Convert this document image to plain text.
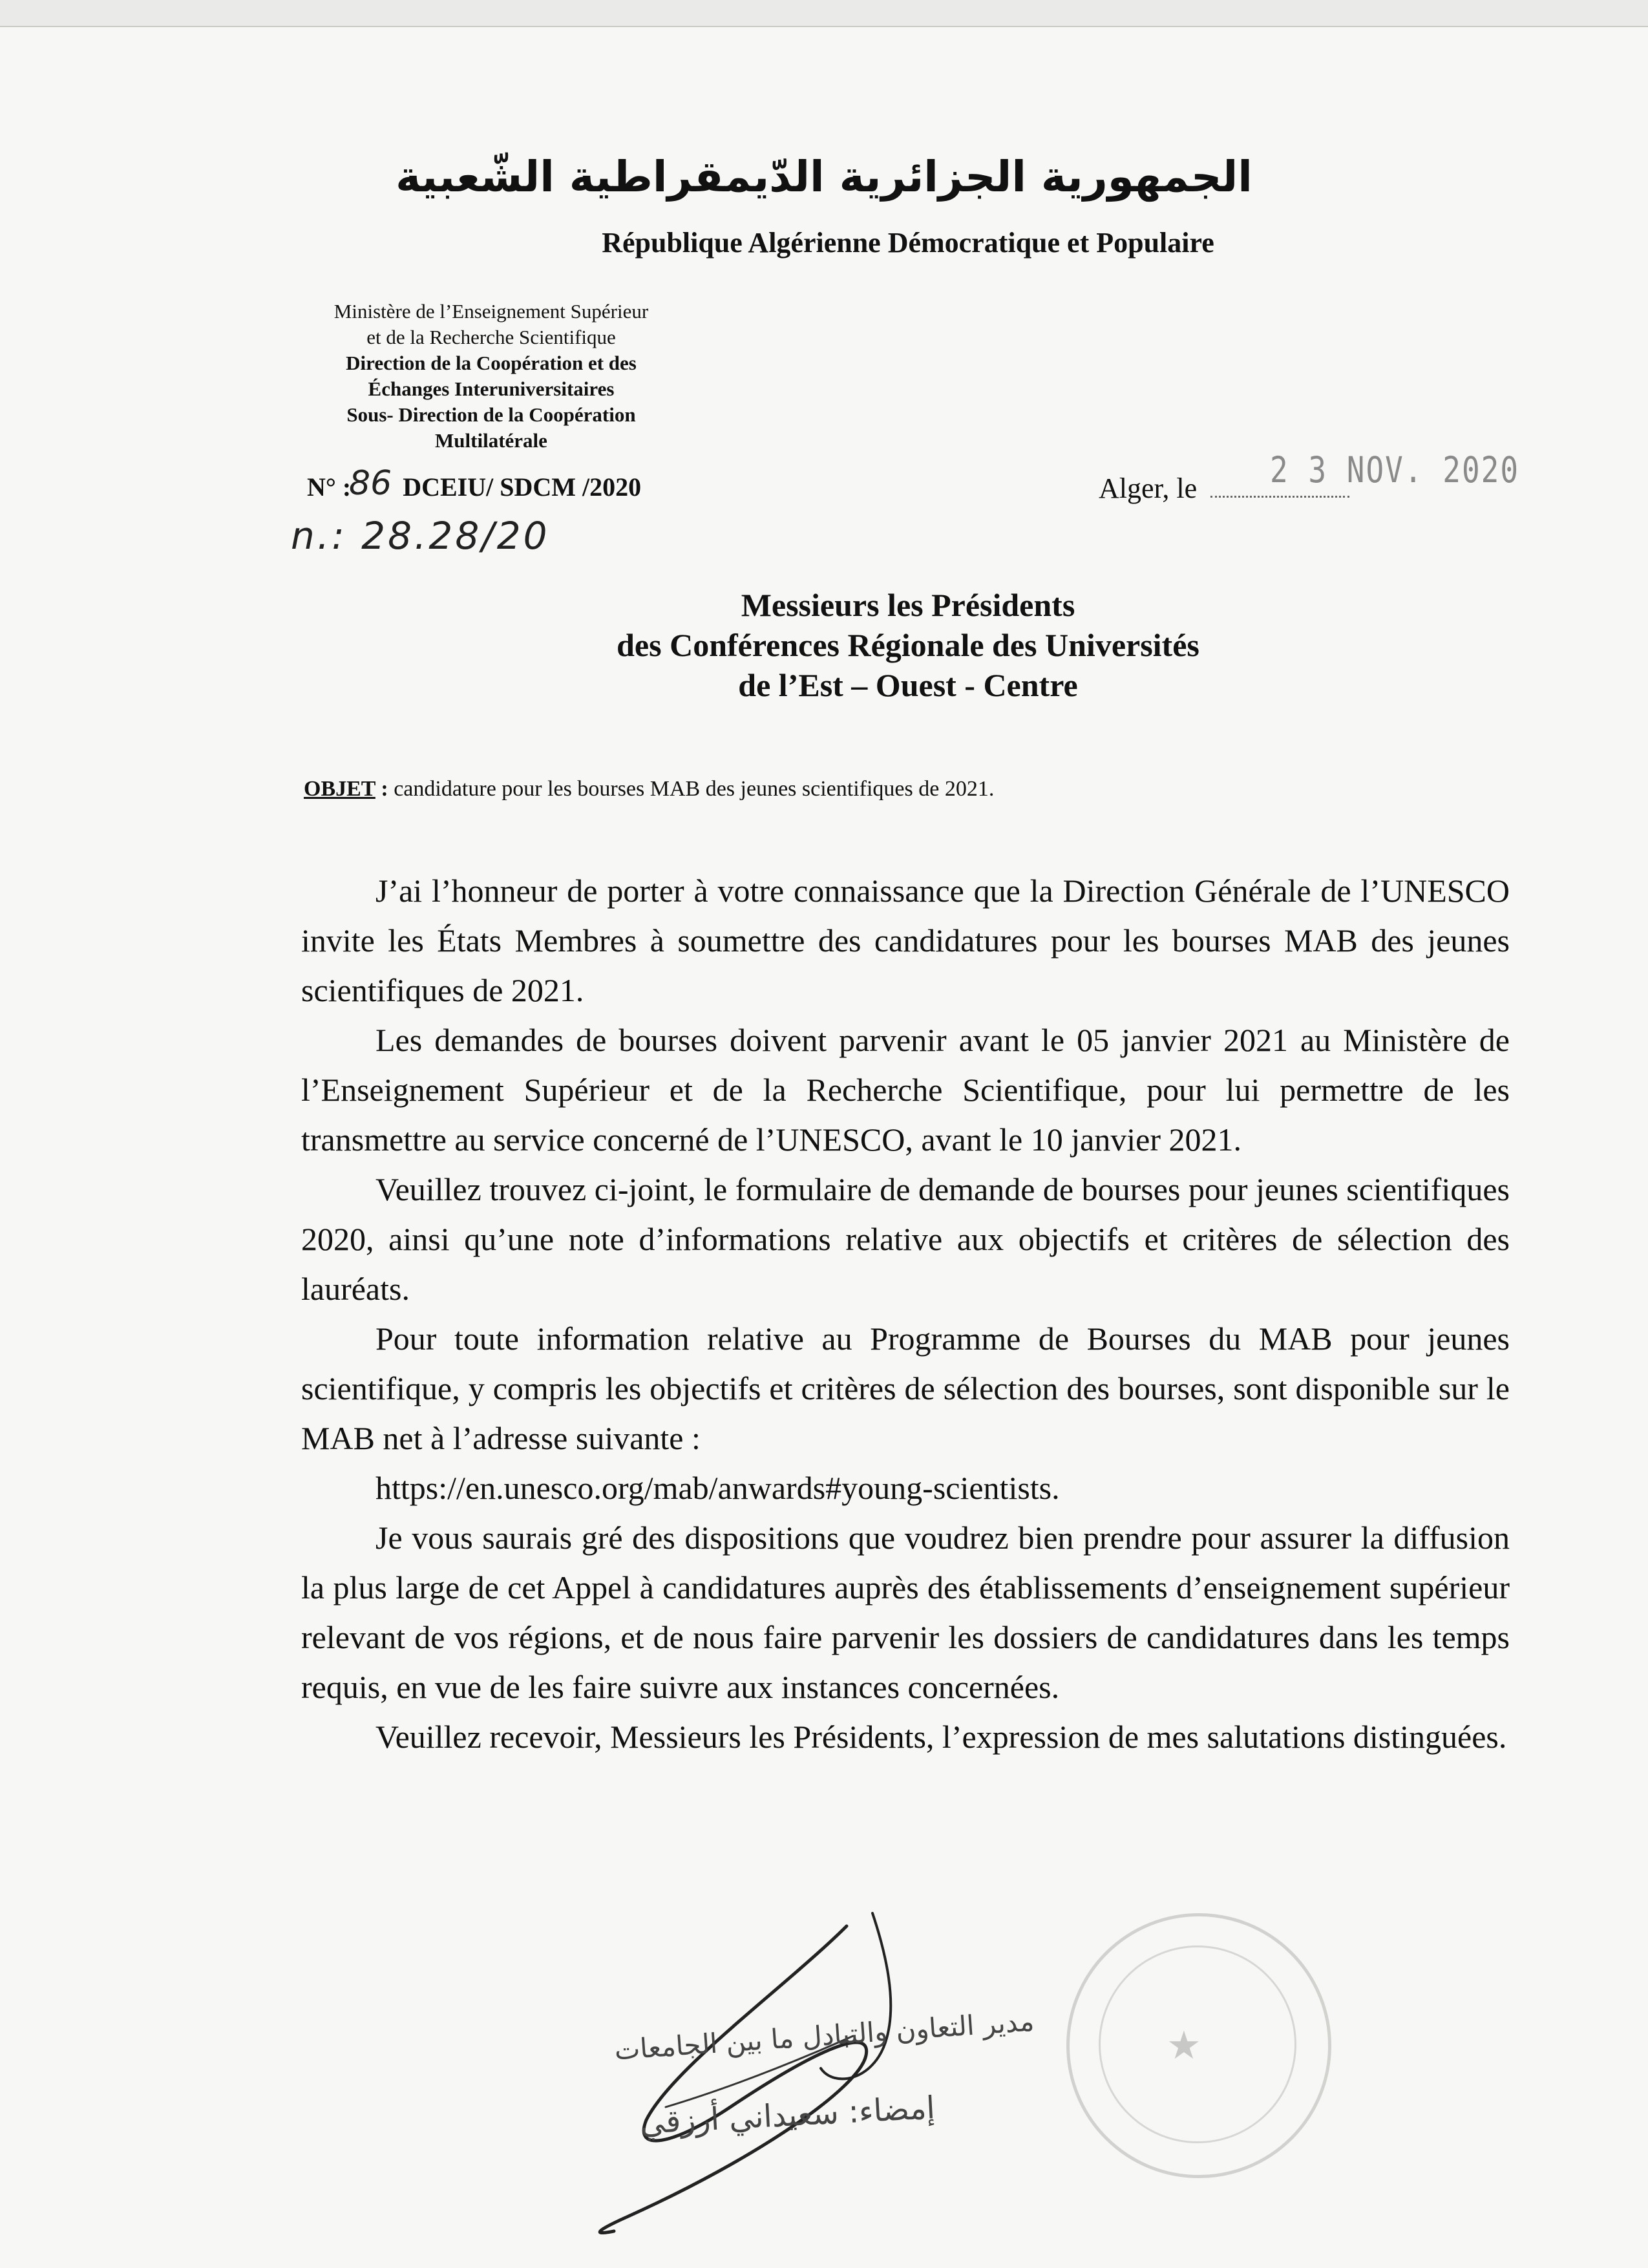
الجمهورية الجزائرية الدّيمقراطية الشّعبية
République Algérienne Démocratique et Populaire
Ministère de l’Enseignement Supérieur
et de la Recherche Scientifique
Direction de la Coopération et des
Échanges Interuniversitaires
Sous- Direction de la Coopération
Multilatérale
N° : DCEIU/ SDCM /2020
86
n.: 28.28/20
Alger, le	2 3 NOV. 2020
Messieurs les Présidents
des Conférences Régionale des Universités
de l’Est – Ouest - Centre
OBJET : candidature pour les bourses MAB des jeunes scientifiques de 2021.

J’ai l’honneur de porter à votre connaissance que la Direction Générale de l’UNESCO invite les États Membres à soumettre des candidatures pour les bourses MAB des jeunes scientifiques de 2021.

Les demandes de bourses doivent parvenir avant le 05 janvier 2021 au Ministère de l’Enseignement Supérieur et de la Recherche Scientifique, pour lui permettre de les transmettre au service concerné de l’UNESCO, avant le 10 janvier 2021.

Veuillez trouvez ci-joint, le formulaire de demande de bourses pour jeunes scientifiques 2020, ainsi qu’une note d’informations relative aux objectifs et critères de sélection des lauréats.

Pour toute information relative au Programme de Bourses du MAB pour jeunes scientifique, y compris les objectifs et critères de sélection des bourses, sont disponible sur le MAB net à l’adresse suivante :

https://en.unesco.org/mab/anwards#young-scientists.

Je vous saurais gré des dispositions que voudrez bien prendre pour assurer la diffusion la plus large de cet Appel à candidatures auprès des établissements d’enseignement supérieur relevant de vos régions, et de nous faire parvenir les dossiers de candidatures dans les temps requis, en vue de les faire suivre aux instances concernées.

Veuillez recevoir, Messieurs les Présidents, l’expression de mes salutations distinguées.

★
مدير التعاون والتبادل ما بين الجامعات
إمضاء: سعيداني أرزقي
